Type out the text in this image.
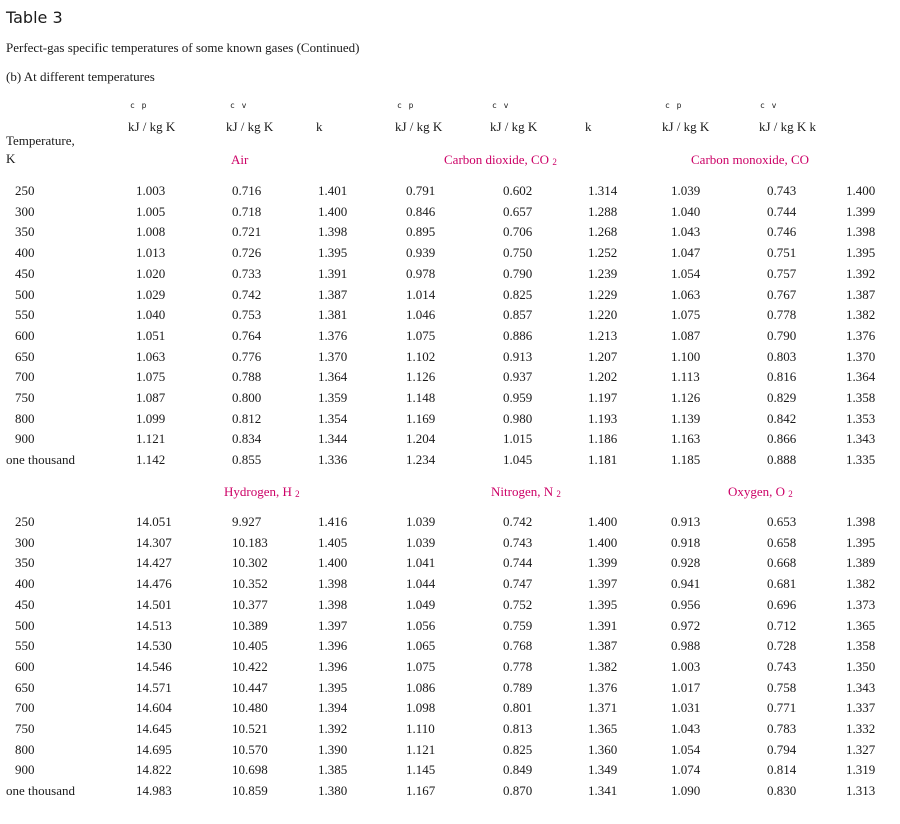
Table 3
Perfect-gas specific temperatures of some known gases (Continued)
(b) At different temperatures
c p	c v	c p	c v	c p	c v
kJ / kg K	kJ / kg K	k	kJ / kg K	kJ / kg K	k	kJ / kg K	kJ / kg K k
Temperature,
K	Air	Carbon dioxide, CO $_2$	Carbon monoxide, CO
Hydrogen, H $_2$	Nitrogen, N $_2$	Oxygen, O $_2$
250	1.003	0.716	1.401	0.791	0.602	1.314	1.039	0.743	1.400
300	1.005	0.718	1.400	0.846	0.657	1.288	1.040	0.744	1.399
350	1.008	0.721	1.398	0.895	0.706	1.268	1.043	0.746	1.398
400	1.013	0.726	1.395	0.939	0.750	1.252	1.047	0.751	1.395
450	1.020	0.733	1.391	0.978	0.790	1.239	1.054	0.757	1.392
500	1.029	0.742	1.387	1.014	0.825	1.229	1.063	0.767	1.387
550	1.040	0.753	1.381	1.046	0.857	1.220	1.075	0.778	1.382
600	1.051	0.764	1.376	1.075	0.886	1.213	1.087	0.790	1.376
650	1.063	0.776	1.370	1.102	0.913	1.207	1.100	0.803	1.370
700	1.075	0.788	1.364	1.126	0.937	1.202	1.113	0.816	1.364
750	1.087	0.800	1.359	1.148	0.959	1.197	1.126	0.829	1.358
800	1.099	0.812	1.354	1.169	0.980	1.193	1.139	0.842	1.353
900	1.121	0.834	1.344	1.204	1.015	1.186	1.163	0.866	1.343
one thousand	1.142	0.855	1.336	1.234	1.045	1.181	1.185	0.888	1.335
250	14.051	9.927	1.416	1.039	0.742	1.400	0.913	0.653	1.398
300	14.307	10.183	1.405	1.039	0.743	1.400	0.918	0.658	1.395
350	14.427	10.302	1.400	1.041	0.744	1.399	0.928	0.668	1.389
400	14.476	10.352	1.398	1.044	0.747	1.397	0.941	0.681	1.382
450	14.501	10.377	1.398	1.049	0.752	1.395	0.956	0.696	1.373
500	14.513	10.389	1.397	1.056	0.759	1.391	0.972	0.712	1.365
550	14.530	10.405	1.396	1.065	0.768	1.387	0.988	0.728	1.358
600	14.546	10.422	1.396	1.075	0.778	1.382	1.003	0.743	1.350
650	14.571	10.447	1.395	1.086	0.789	1.376	1.017	0.758	1.343
700	14.604	10.480	1.394	1.098	0.801	1.371	1.031	0.771	1.337
750	14.645	10.521	1.392	1.110	0.813	1.365	1.043	0.783	1.332
800	14.695	10.570	1.390	1.121	0.825	1.360	1.054	0.794	1.327
900	14.822	10.698	1.385	1.145	0.849	1.349	1.074	0.814	1.319
one thousand	14.983	10.859	1.380	1.167	0.870	1.341	1.090	0.830	1.313
